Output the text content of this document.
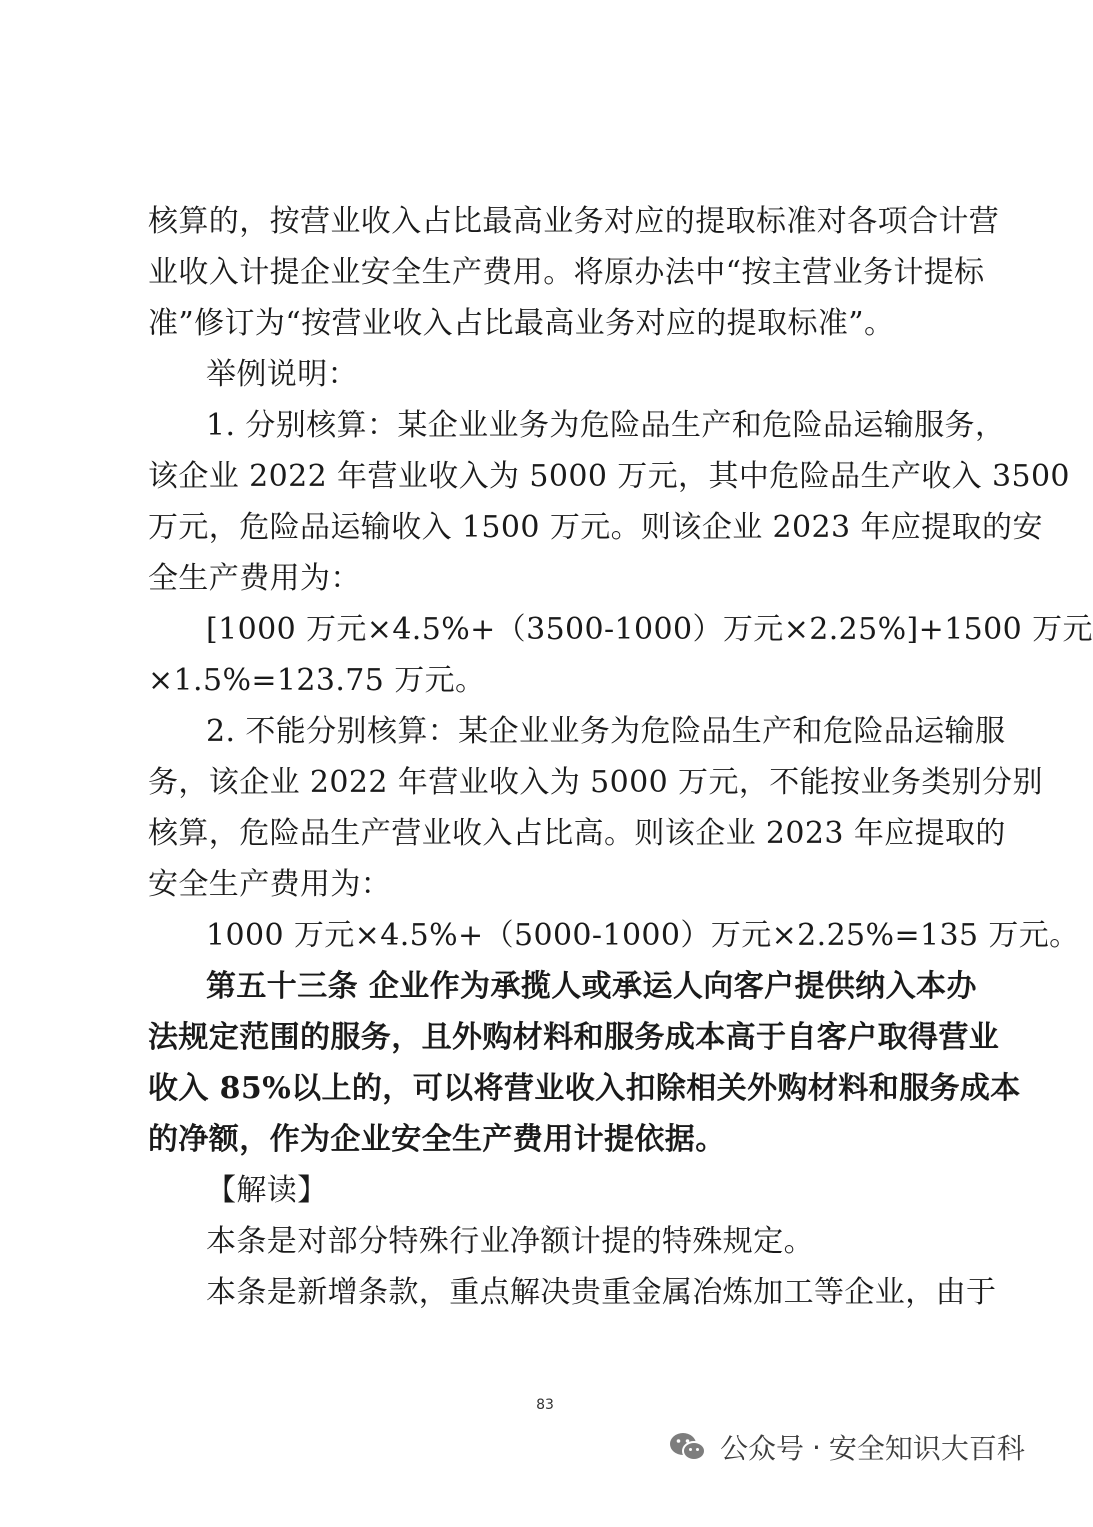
核算的，按营业收入占比最高业务对应的提取标准对各项合计营
业收入计提企业安全生产费用。将原办法中“按主营业务计提标
准”修订为“按营业收入占比最高业务对应的提取标准”。
举例说明：
1. 分别核算：某企业业务为危险品生产和危险品运输服务，
该企业 2022 年营业收入为 5000 万元，其中危险品生产收入 3500
万元，危险品运输收入 1500 万元。则该企业 2023 年应提取的安
全生产费用为：
[1000 万元×4.5%+（3500-1000）万元×2.25%]+1500 万元
×1.5%=123.75 万元。
2. 不能分别核算：某企业业务为危险品生产和危险品运输服
务，该企业 2022 年营业收入为 5000 万元，不能按业务类别分别
核算，危险品生产营业收入占比高。则该企业 2023 年应提取的
安全生产费用为：
1000 万元×4.5%+（5000-1000）万元×2.25%=135 万元。
第五十三条 企业作为承揽人或承运人向客户提供纳入本办
法规定范围的服务，且外购材料和服务成本高于自客户取得营业
收入 85%以上的，可以将营业收入扣除相关外购材料和服务成本
的净额，作为企业安全生产费用计提依据。
【解读】
本条是对部分特殊行业净额计提的特殊规定。
本条是新增条款，重点解决贵重金属冶炼加工等企业，由于
83
公众号 · 安全知识大百科
